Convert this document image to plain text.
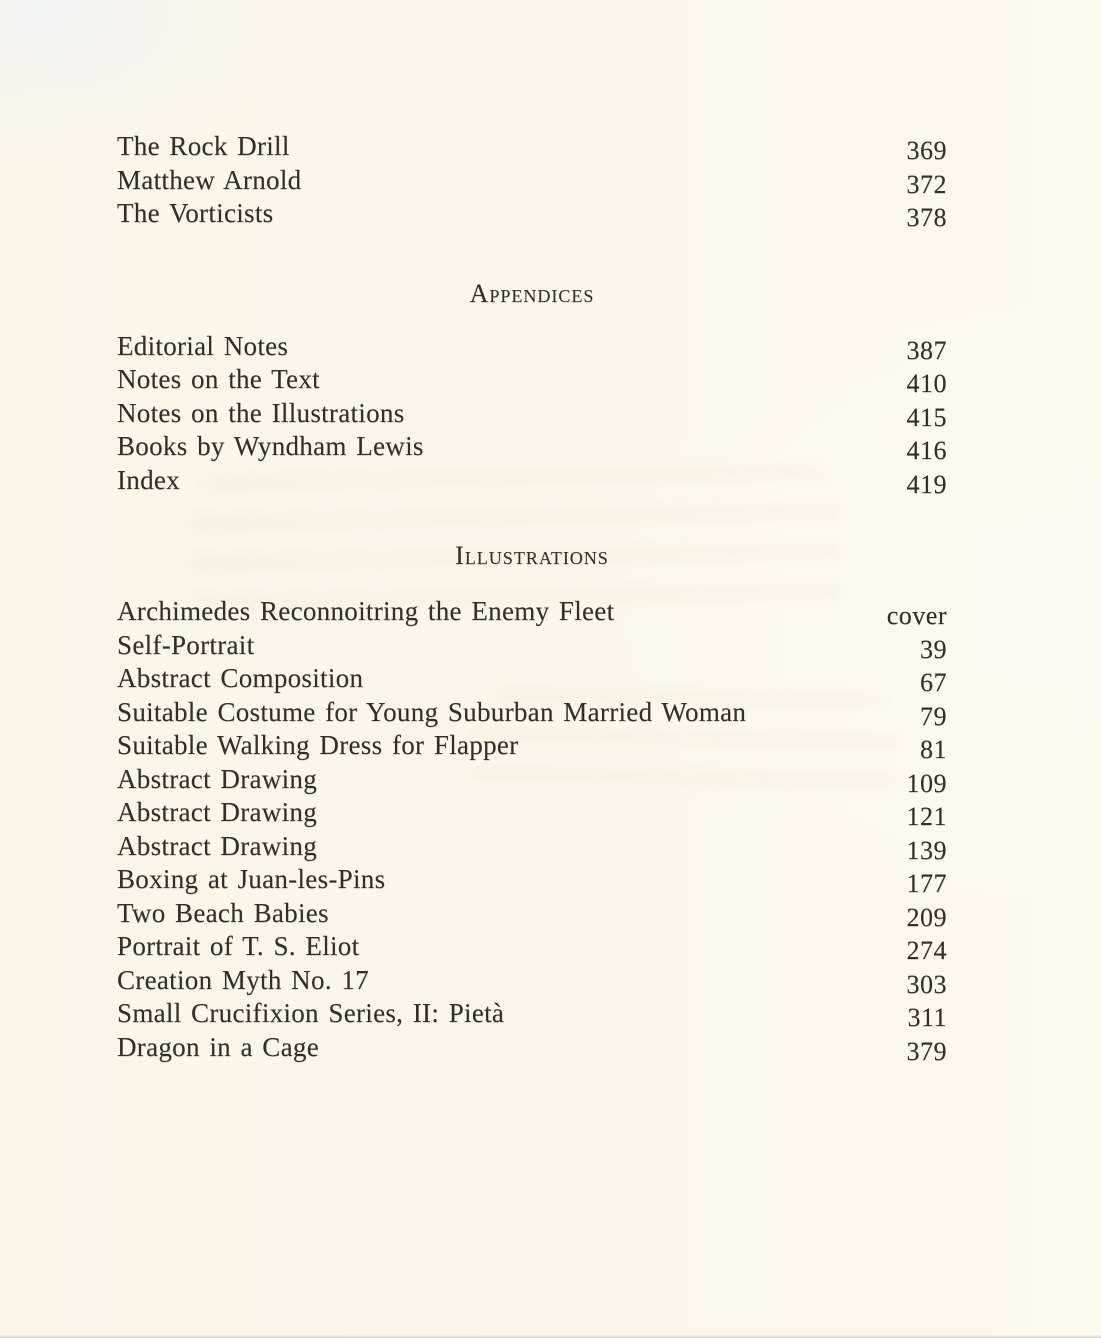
The Rock Drill	369
Matthew Arnold	372
The Vorticists	378
Appendices
Editorial Notes	387
Notes on the Text	410
Notes on the Illustrations	415
Books by Wyndham Lewis	416
Index	419
Illustrations
Archimedes Reconnoitring the Enemy Fleet	cover
Self-Portrait	39
Abstract Composition	67
Suitable Costume for Young Suburban Married Woman	79
Suitable Walking Dress for Flapper	81
Abstract Drawing	109
Abstract Drawing	121
Abstract Drawing	139
Boxing at Juan-les-Pins	177
Two Beach Babies	209
Portrait of T. S. Eliot	274
Creation Myth No. 17	303
Small Crucifixion Series, II: Pietà	311
Dragon in a Cage	379
